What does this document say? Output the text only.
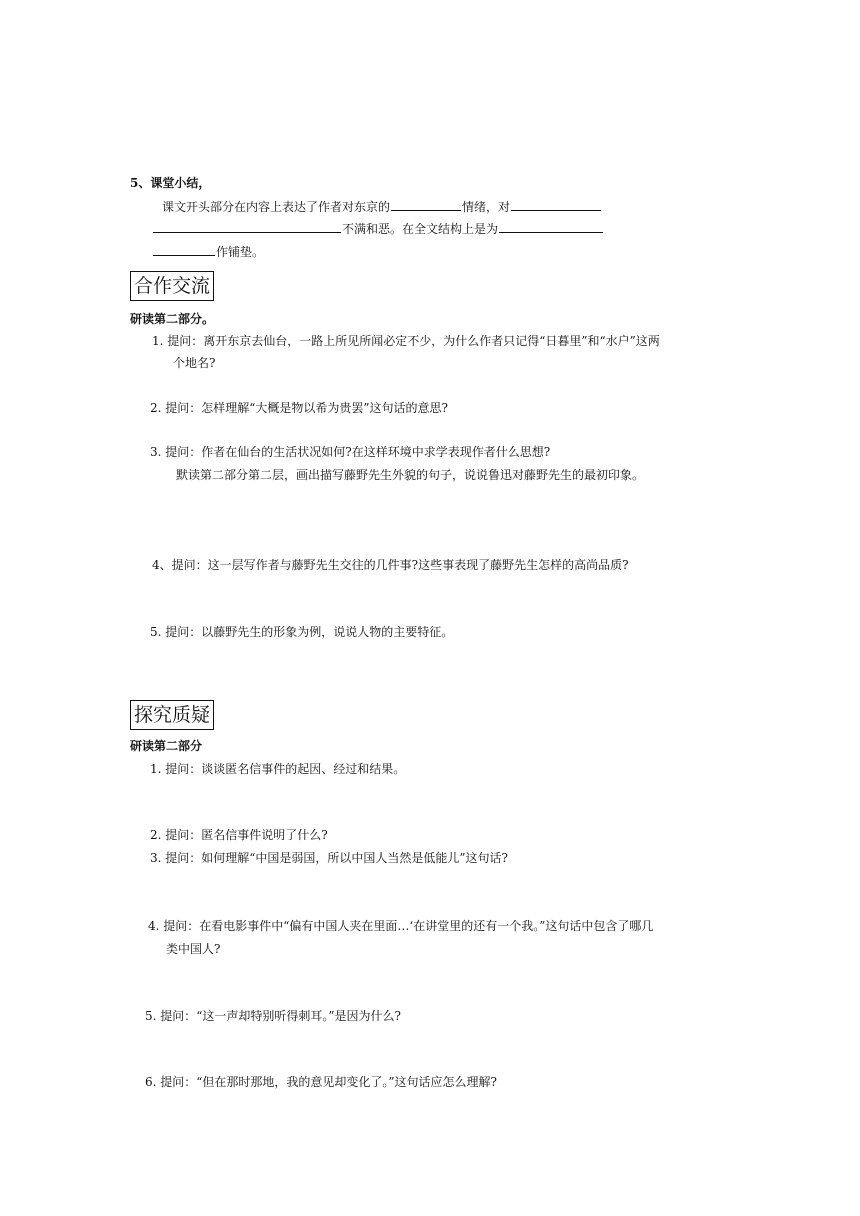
5、课堂小结，
课文开头部分在内容上表达了作者对东京的	情绪，对
不满和恶。在全文结构上是为
作铺垫。
合作交流
研读第二部分。
1. 提问：离开东京去仙台，一路上所见所闻必定不少，为什么作者只记得“日暮里”和“水户”这两
个地名?
2. 提问：怎样理解“大概是物以希为贵罢”这句话的意思?
3. 提问：作者在仙台的生活状况如何?在这样环境中求学表现作者什么思想?
默读第二部分第二层，画出描写藤野先生外貌的句子，说说鲁迅对藤野先生的最初印象。
4、提问：这一层写作者与藤野先生交往的几件事?这些事表现了藤野先生怎样的高尚品质?
5. 提问：以藤野先生的形象为例，说说人物的主要特征。
探究质疑
研读第二部分
1. 提问：谈谈匿名信事件的起因、经过和结果。
2. 提问：匿名信事件说明了什么?
3. 提问：如何理解“中国是弱国，所以中国人当然是低能儿”这句话?
4. 提问：在看电影事件中“偏有中国人夹在里面…‘在讲堂里的还有一个我。”这句话中包含了哪几
类中国人?
5. 提问：“这一声却特别听得刺耳。”是因为什么?
6. 提问：“但在那时那地，我的意见却变化了。”这句话应怎么理解?
